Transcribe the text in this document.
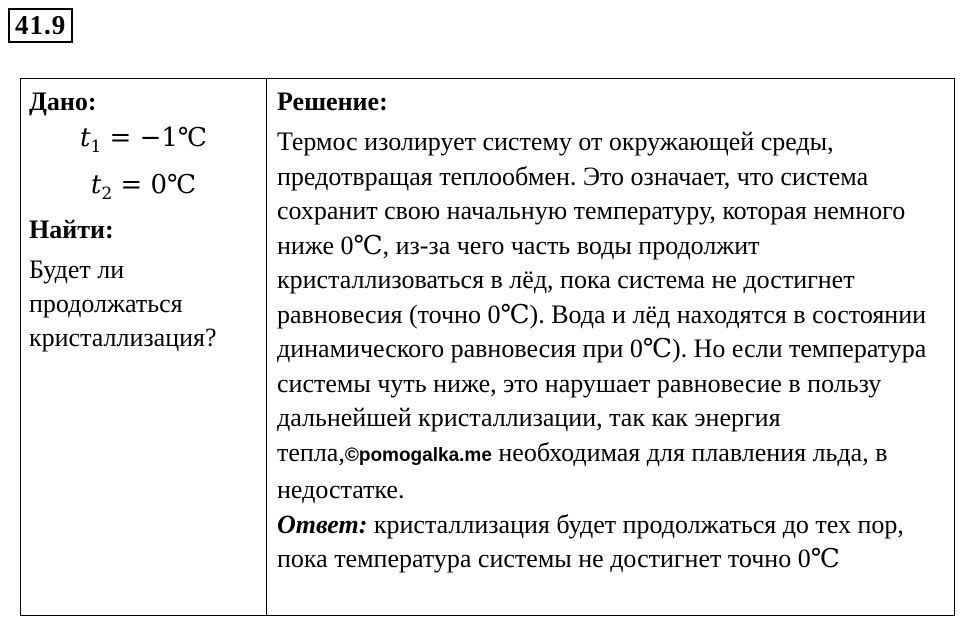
41.9
Дано:
$t_1$ = −1℃
$t_2$ = 0℃
Найти:
Будет ли продолжаться кристаллизация?
Решение:
Термос изолирует систему от окружающей среды, предотвращая теплообмен. Это означает, что система сохранит свою начальную температуру, которая немного ниже 0℃, из-за чего часть воды продолжит кристаллизоваться в лёд, пока система не достигнет равновесия (точно 0℃). Вода и лёд находятся в состоянии динамического равновесия при 0℃). Но если температура системы чуть ниже, это нарушает равновесие в пользу дальнейшей кристаллизации, так как энергия тепла,©pomogalka.me необходимая для плавления льда, в недостатке.
Ответ: кристаллизация будет продолжаться до тех пор, пока температура системы не достигнет точно 0℃
